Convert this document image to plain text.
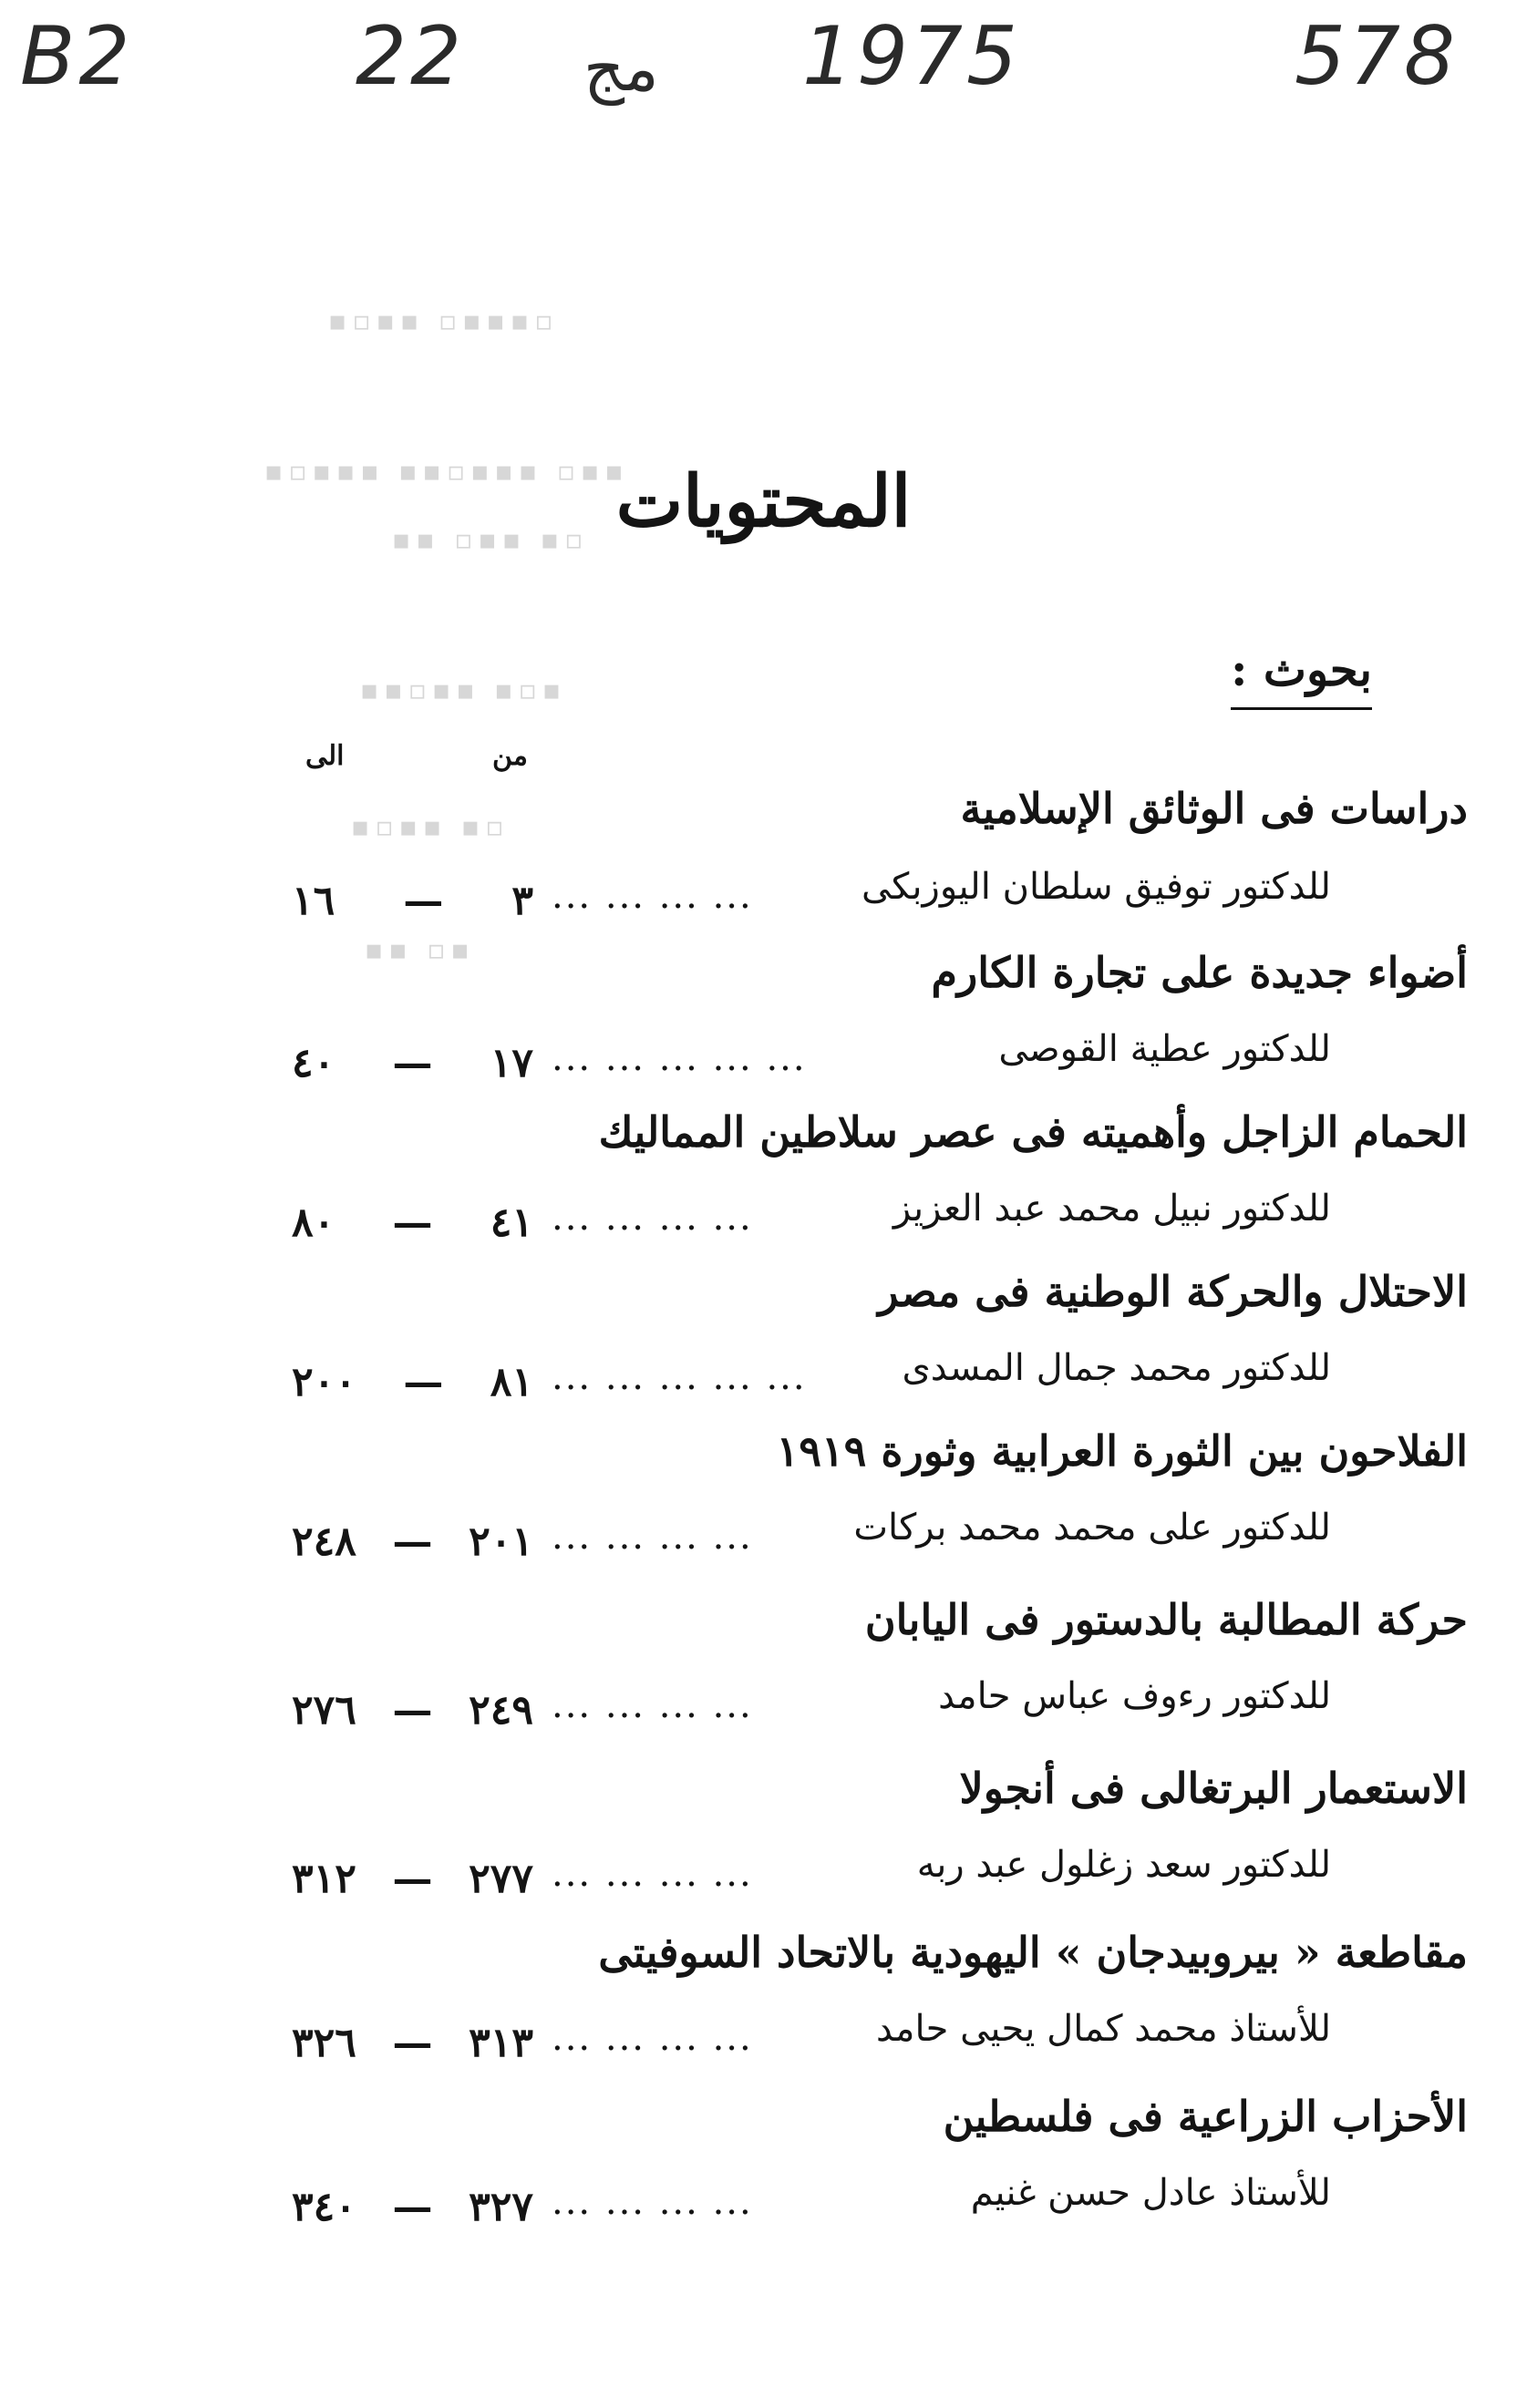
B2	22 مج 1975	578
▪▫▪▪ ▫▪▪▪▫
▪▫▪▪▪ ▪▪▫▪▪▪ ▫▪▪
▪▪ ▫▪▪ ▪▫
▪▪▫▪▪ ▪▫▪
▪▫▪▪ ▪▫
▪▪ ▫▪
المحتويات
بحوث :
من
الى
دراسات فى الوثائق الإسلامية
للدكتور توفيق سلطان اليوزبكى
... ... ... ...
١٦ — ٣
أضواء جديدة على تجارة الكارم
للدكتور عطية القوصى
... ... ... ... ...
٤٠ — ١٧
الحمام الزاجل وأهميته فى عصر سلاطين المماليك
للدكتور نبيل محمد عبد العزيز
... ... ... ...
٨٠ — ٤١
الاحتلال والحركة الوطنية فى مصر
للدكتور محمد جمال المسدى
... ... ... ... ...
٢٠٠ — ٨١
الفلاحون بين الثورة العرابية وثورة ١٩١٩
للدكتور على محمد محمد بركات
... ... ... ...
٢٤٨ — ٢٠١
حركة المطالبة بالدستور فى اليابان
للدكتور رءوف عباس حامد
... ... ... ...
٢٧٦ — ٢٤٩
الاستعمار البرتغالى فى أنجولا
للدكتور سعد زغلول عبد ربه
... ... ... ...
٣١٢ — ٢٧٧
مقاطعة « بيروبيدجان » اليهودية بالاتحاد السوفيتى
للأستاذ محمد كمال يحيى حامد
... ... ... ...
٣٢٦ — ٣١٣
الأحزاب الزراعية فى فلسطين
للأستاذ عادل حسن غنيم
... ... ... ...
٣٤٠ — ٣٢٧
